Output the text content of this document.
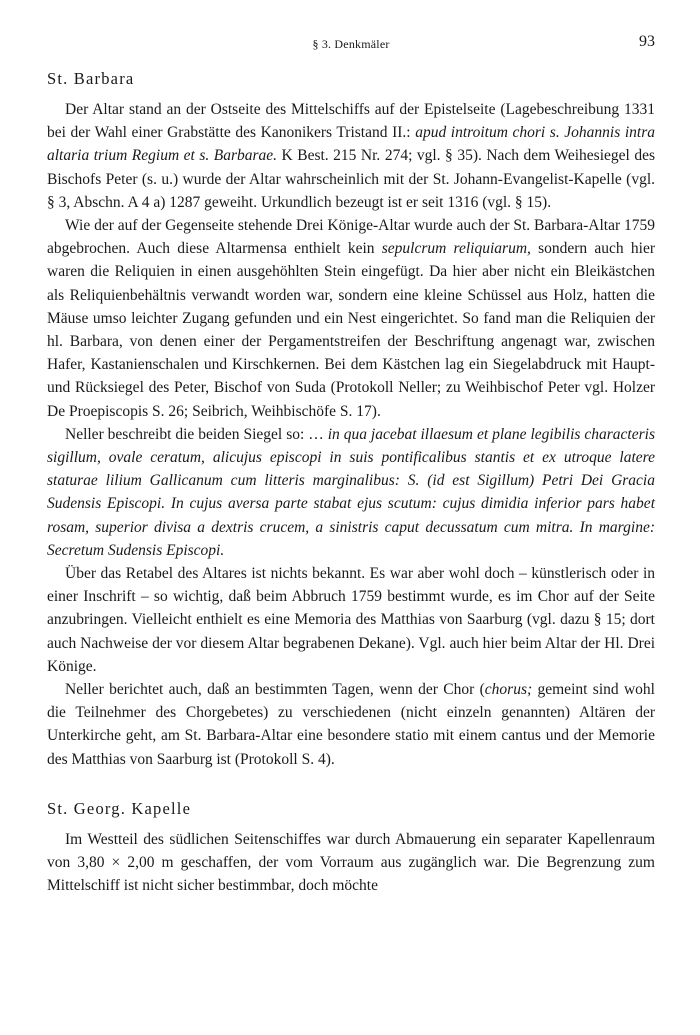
§ 3. Denkmäler	93
St. Barbara

Der Altar stand an der Ostseite des Mittelschiffs auf der Epistelseite (Lagebeschreibung 1331 bei der Wahl einer Grabstätte des Kanonikers Tristand II.: apud introitum chori s. Johannis intra altaria trium Regium et s. Barbarae. K Best. 215 Nr. 274; vgl. § 35). Nach dem Weihesiegel des Bischofs Peter (s. u.) wurde der Altar wahrscheinlich mit der St. Johann-Evangelist-Kapelle (vgl. § 3, Abschn. A 4 a) 1287 geweiht. Urkundlich bezeugt ist er seit 1316 (vgl. § 15).

Wie der auf der Gegenseite stehende Drei Könige-Altar wurde auch der St. Barbara-Altar 1759 abgebrochen. Auch diese Altarmensa enthielt kein sepulcrum reliquiarum, sondern auch hier waren die Reliquien in einen ausgehöhlten Stein eingefügt. Da hier aber nicht ein Bleikästchen als Reliquienbehältnis verwandt worden war, sondern eine kleine Schüssel aus Holz, hatten die Mäuse umso leichter Zugang gefunden und ein Nest eingerichtet. So fand man die Reliquien der hl. Barbara, von denen einer der Pergamentstreifen der Beschriftung angenagt war, zwischen Hafer, Kastanienschalen und Kirschkernen. Bei dem Kästchen lag ein Siegelabdruck mit Haupt- und Rücksiegel des Peter, Bischof von Suda (Protokoll Neller; zu Weihbischof Peter vgl. Holzer De Proepiscopis S. 26; Seibrich, Weihbischöfe S. 17).

Neller beschreibt die beiden Siegel so: … in qua jacebat illaesum et plane legibilis characteris sigillum, ovale ceratum, alicujus episcopi in suis pontificalibus stantis et ex utroque latere staturae lilium Gallicanum cum litteris marginalibus: S. (id est Sigillum) Petri Dei Gracia Sudensis Episcopi. In cujus aversa parte stabat ejus scutum: cujus dimidia inferior pars habet rosam, superior divisa a dextris crucem, a sinistris caput decussatum cum mitra. In margine: Secretum Sudensis Episcopi.

Über das Retabel des Altares ist nichts bekannt. Es war aber wohl doch – künstlerisch oder in einer Inschrift – so wichtig, daß beim Abbruch 1759 bestimmt wurde, es im Chor auf der Seite anzubringen. Vielleicht enthielt es eine Memoria des Matthias von Saarburg (vgl. dazu § 15; dort auch Nachweise der vor diesem Altar begrabenen Dekane). Vgl. auch hier beim Altar der Hl. Drei Könige.

Neller berichtet auch, daß an bestimmten Tagen, wenn der Chor (chorus; gemeint sind wohl die Teilnehmer des Chorgebetes) zu verschiedenen (nicht einzeln genannten) Altären der Unterkirche geht, am St. Barbara-Altar eine besondere statio mit einem cantus und der Memorie des Matthias von Saarburg ist (Protokoll S. 4).

St. Georg. Kapelle

Im Westteil des südlichen Seitenschiffes war durch Abmauerung ein separater Kapellenraum von 3,80 × 2,00 m geschaffen, der vom Vorraum aus zugänglich war. Die Begrenzung zum Mittelschiff ist nicht sicher bestimmbar, doch möchte
